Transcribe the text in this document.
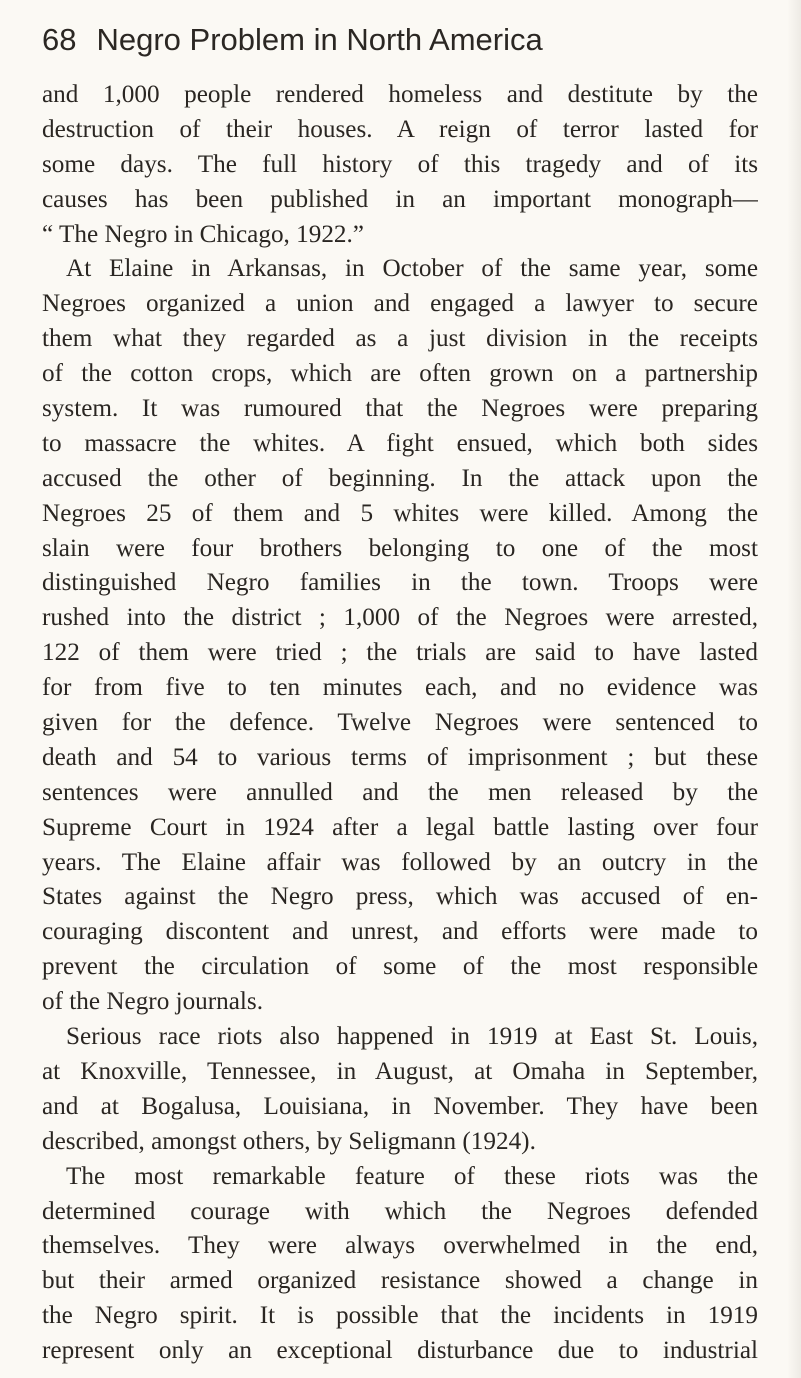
68 Negro Problem in North America
and 1,000 people rendered homeless and destitute by the
destruction of their houses. A reign of terror lasted for
some days. The full history of this tragedy and of its
causes has been published in an important monograph—
“ The Negro in Chicago, 1922.”
At Elaine in Arkansas, in October of the same year, some
Negroes organized a union and engaged a lawyer to secure
them what they regarded as a just division in the receipts
of the cotton crops, which are often grown on a partnership
system. It was rumoured that the Negroes were preparing
to massacre the whites. A fight ensued, which both sides
accused the other of beginning. In the attack upon the
Negroes 25 of them and 5 whites were killed. Among the
slain were four brothers belonging to one of the most
distinguished Negro families in the town. Troops were
rushed into the district ; 1,000 of the Negroes were arrested,
122 of them were tried ; the trials are said to have lasted
for from five to ten minutes each, and no evidence was
given for the defence. Twelve Negroes were sentenced to
death and 54 to various terms of imprisonment ; but these
sentences were annulled and the men released by the
Supreme Court in 1924 after a legal battle lasting over four
years. The Elaine affair was followed by an outcry in the
States against the Negro press, which was accused of en-
couraging discontent and unrest, and efforts were made to
prevent the circulation of some of the most responsible
of the Negro journals.
Serious race riots also happened in 1919 at East St. Louis,
at Knoxville, Tennessee, in August, at Omaha in September,
and at Bogalusa, Louisiana, in November. They have been
described, amongst others, by Seligmann (1924).
The most remarkable feature of these riots was the
determined courage with which the Negroes defended
themselves. They were always overwhelmed in the end,
but their armed organized resistance showed a change in
the Negro spirit. It is possible that the incidents in 1919
represent only an exceptional disturbance due to industrial
